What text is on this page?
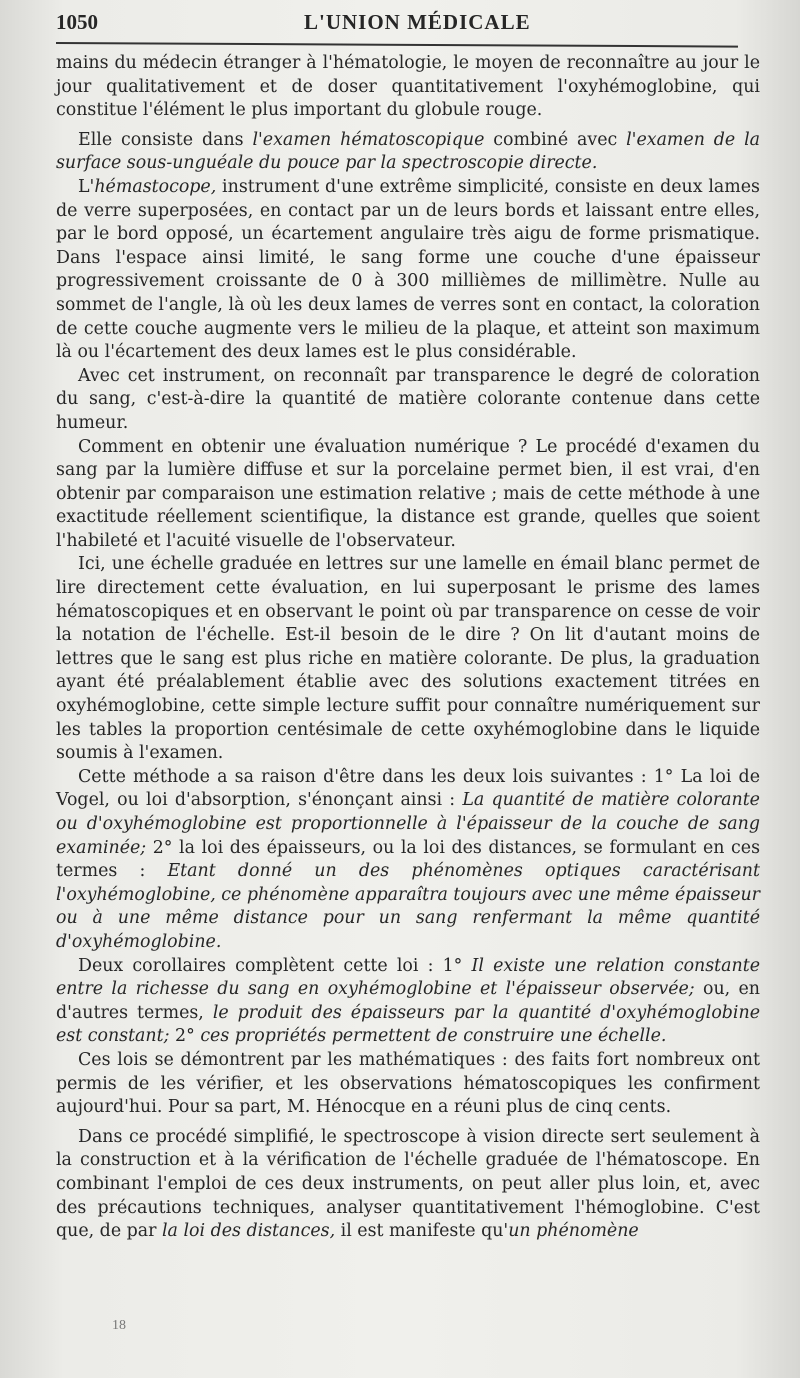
1050	L'UNION MÉDICALE

mains du médecin étranger à l'hématologie, le moyen de reconnaître au jour le jour qualitativement et de doser quantitativement l'oxyhémoglobine, qui constitue l'élément le plus important du globule rouge.

Elle consiste dans l'examen hématoscopique combiné avec l'examen de la surface sous-unguéale du pouce par la spectroscopie directe.

L'hémastocope, instrument d'une extrême simplicité, consiste en deux lames de verre superposées, en contact par un de leurs bords et laissant entre elles, par le bord opposé, un écartement angulaire très aigu de forme prismatique. Dans l'espace ainsi limité, le sang forme une couche d'une épaisseur progressivement croissante de 0 à 300 millièmes de millimètre. Nulle au sommet de l'angle, là où les deux lames de verres sont en contact, la coloration de cette couche augmente vers le milieu de la plaque, et atteint son maximum là ou l'écartement des deux lames est le plus considérable.

Avec cet instrument, on reconnaît par transparence le degré de coloration du sang, c'est-à-dire la quantité de matière colorante contenue dans cette humeur.

Comment en obtenir une évaluation numérique ? Le procédé d'examen du sang par la lumière diffuse et sur la porcelaine permet bien, il est vrai, d'en obtenir par comparaison une estimation relative ; mais de cette méthode à une exactitude réellement scientifique, la distance est grande, quelles que soient l'habileté et l'acuité visuelle de l'observateur.

Ici, une échelle graduée en lettres sur une lamelle en émail blanc permet de lire directement cette évaluation, en lui superposant le prisme des lames hématoscopiques et en observant le point où par transparence on cesse de voir la notation de l'échelle. Est-il besoin de le dire ? On lit d'autant moins de lettres que le sang est plus riche en matière colorante. De plus, la graduation ayant été préalablement établie avec des solutions exactement titrées en oxyhémoglobine, cette simple lecture suffit pour connaître numériquement sur les tables la proportion centésimale de cette oxyhémoglobine dans le liquide soumis à l'examen.

Cette méthode a sa raison d'être dans les deux lois suivantes : 1° La loi de Vogel, ou loi d'absorption, s'énonçant ainsi : La quantité de matière colorante ou d'oxyhémoglobine est proportionnelle à l'épaisseur de la couche de sang examinée; 2° la loi des épaisseurs, ou la loi des distances, se formulant en ces termes : Etant donné un des phénomènes optiques caractérisant l'oxyhémoglobine, ce phénomène apparaîtra toujours avec une même épaisseur ou à une même distance pour un sang renfermant la même quantité d'oxyhémoglobine.

Deux corollaires complètent cette loi : 1° Il existe une relation constante entre la richesse du sang en oxyhémoglobine et l'épaisseur observée; ou, en d'autres termes, le produit des épaisseurs par la quantité d'oxyhémoglobine est constant; 2° ces propriétés permettent de construire une échelle.

Ces lois se démontrent par les mathématiques : des faits fort nombreux ont permis de les vérifier, et les observations hématoscopiques les confirment aujourd'hui. Pour sa part, M. Hénocque en a réuni plus de cinq cents.

Dans ce procédé simplifié, le spectroscope à vision directe sert seulement à la construction et à la vérification de l'échelle graduée de l'hématoscope. En combinant l'emploi de ces deux instruments, on peut aller plus loin, et, avec des précautions techniques, analyser quantitativement l'hémoglobine. C'est que, de par la loi des distances, il est manifeste qu'un phénomène

18
